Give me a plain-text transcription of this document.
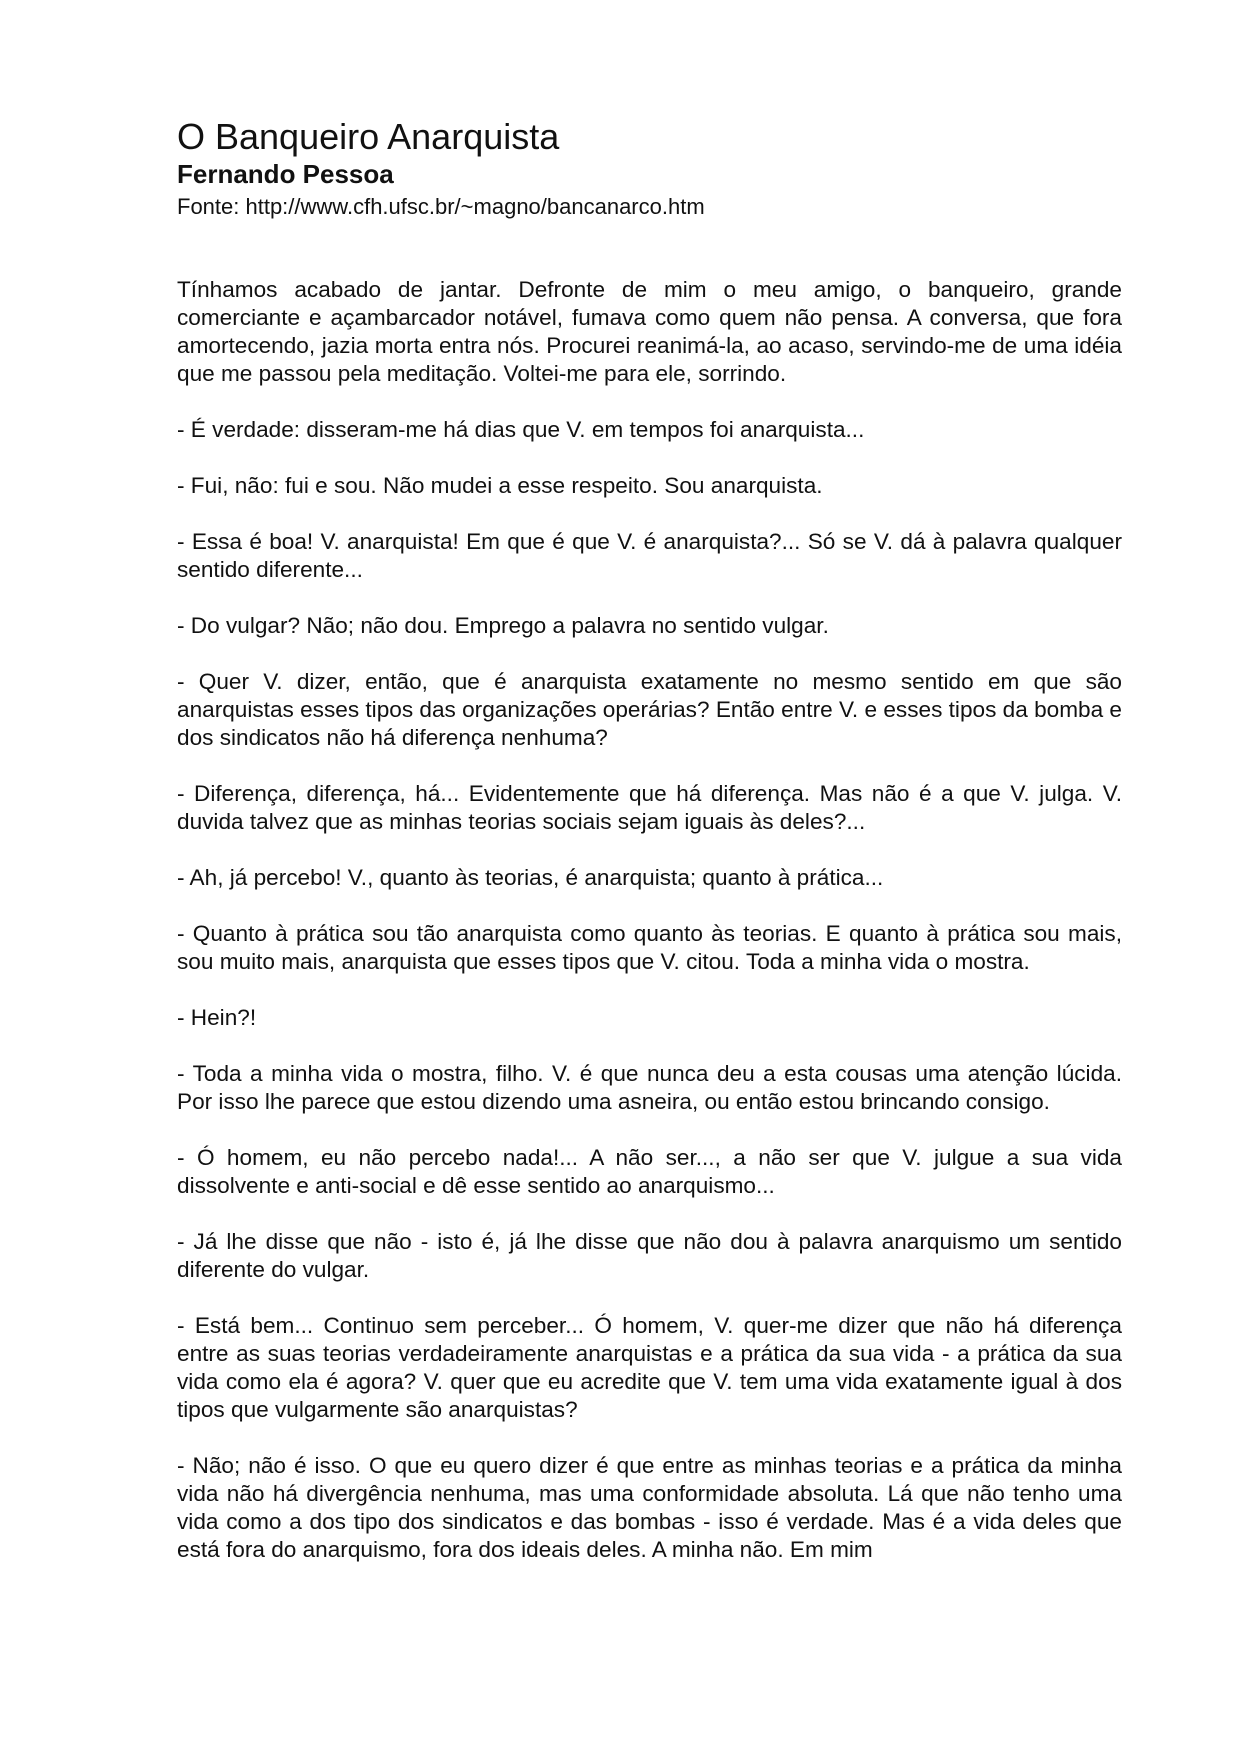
O Banqueiro Anarquista
Fernando Pessoa
Fonte: http://www.cfh.ufsc.br/~magno/bancanarco.htm

Tínhamos acabado de jantar. Defronte de mim o meu amigo, o banqueiro, grande comerciante e açambarcador notável, fumava como quem não pensa. A conversa, que fora amortecendo, jazia morta entra nós. Procurei reanimá-la, ao acaso, servindo-me de uma idéia que me passou pela meditação. Voltei-me para ele, sorrindo.

- É verdade: disseram-me há dias que V. em tempos foi anarquista...

- Fui, não: fui e sou. Não mudei a esse respeito. Sou anarquista.

- Essa é boa! V. anarquista! Em que é que V. é anarquista?... Só se V. dá à palavra qualquer sentido diferente...

- Do vulgar? Não; não dou. Emprego a palavra no sentido vulgar.

- Quer V. dizer, então, que é anarquista exatamente no mesmo sentido em que são anarquistas esses tipos das organizações operárias? Então entre V. e esses tipos da bomba e dos sindicatos não há diferença nenhuma?

- Diferença, diferença, há... Evidentemente que há diferença. Mas não é a que V. julga. V. duvida talvez que as minhas teorias sociais sejam iguais às deles?...

- Ah, já percebo! V., quanto às teorias, é anarquista; quanto à prática...

- Quanto à prática sou tão anarquista como quanto às teorias. E quanto à prática sou mais, sou muito mais, anarquista que esses tipos que V. citou. Toda a minha vida o mostra.

- Hein?!

- Toda a minha vida o mostra, filho. V. é que nunca deu a esta cousas uma atenção lúcida. Por isso lhe parece que estou dizendo uma asneira, ou então estou brincando consigo.

- Ó homem, eu não percebo nada!... A não ser..., a não ser que V. julgue a sua vida dissolvente e anti-social e dê esse sentido ao anarquismo...

- Já lhe disse que não - isto é, já lhe disse que não dou à palavra anarquismo um sentido diferente do vulgar.

- Está bem... Continuo sem perceber... Ó homem, V. quer-me dizer que não há diferença entre as suas teorias verdadeiramente anarquistas e a prática da sua vida - a prática da sua vida como ela é agora? V. quer que eu acredite que V. tem uma vida exatamente igual à dos tipos que vulgarmente são anarquistas?

- Não; não é isso. O que eu quero dizer é que entre as minhas teorias e a prática da minha vida não há divergência nenhuma, mas uma conformidade absoluta. Lá que não tenho uma vida como a dos tipo dos sindicatos e das bombas - isso é verdade. Mas é a vida deles que está fora do anarquismo, fora dos ideais deles. A minha não. Em mim
